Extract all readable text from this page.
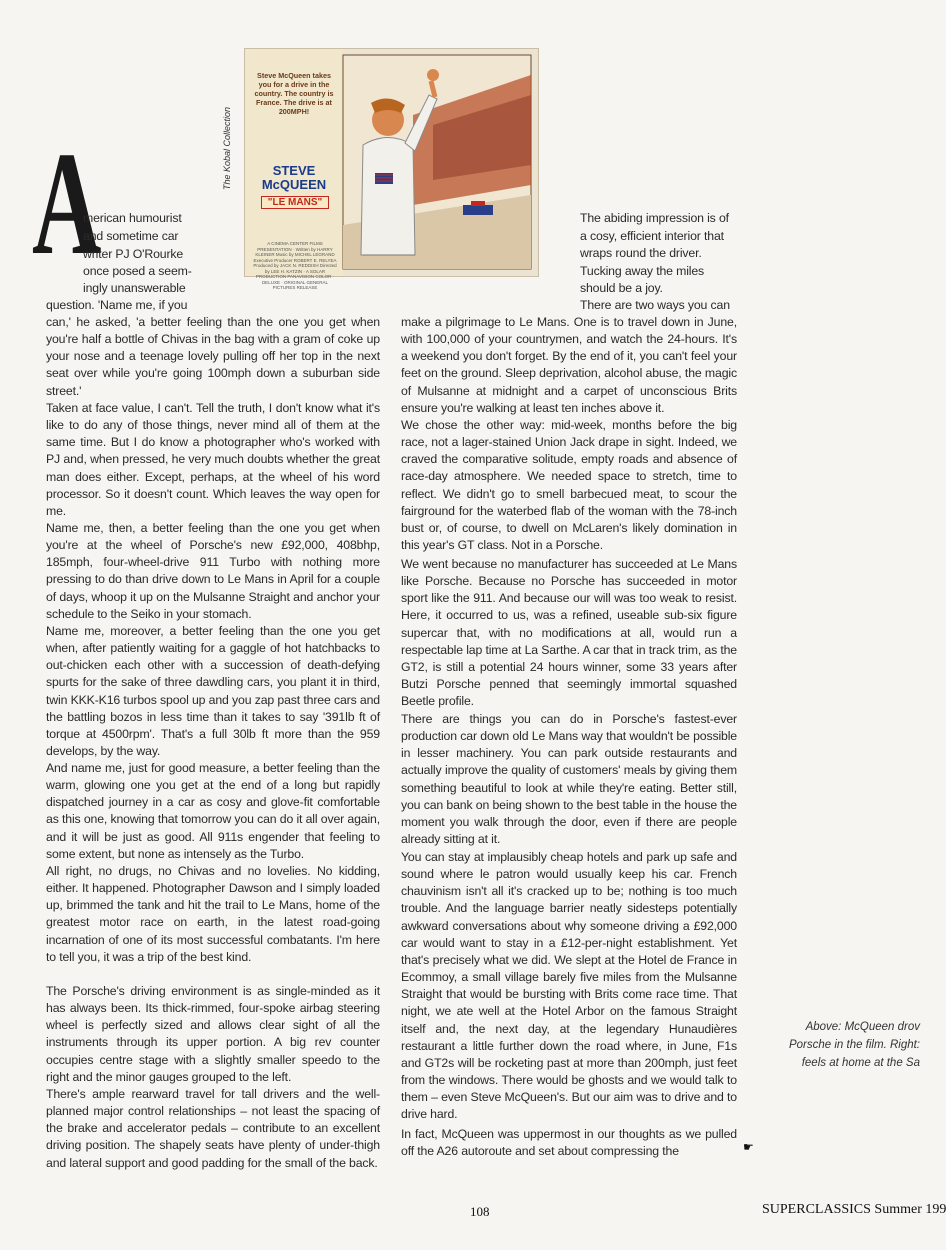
A
Steve McQueen takes you for a drive in the country. The country is France. The drive is at 200MPH!
STEVE McQUEEN
"LE MANS"
A CINEMA CENTER FILMS PRESENTATION · Written by HARRY KLEINER Music by MICHEL LEGRAND Executive Producer ROBERT E. RELYEA Produced by JACK N. REDDISH Directed by LEE H. KATZIN · A SOLAR PRODUCTION PANAVISION COLOR · DELUXE · ORIGINAL GENERAL PICTURES RELEASE
The Kobal Collection

merican humourist

and sometime car

writer PJ O'Rourke

once posed a seem-

ingly unanswerable

question. 'Name me, if you

can,' he asked, 'a better feeling than the one you get when you're half a bottle of Chivas in the bag with a gram of coke up your nose and a teenage lovely pulling off her top in the next seat over while you're going 100mph down a suburban side street.'

Taken at face value, I can't. Tell the truth, I don't know what it's like to do any of those things, never mind all of them at the same time. But I do know a photographer who's worked with PJ and, when pressed, he very much doubts whether the great man does either. Except, perhaps, at the wheel of his word processor. So it doesn't count. Which leaves the way open for me.

Name me, then, a better feeling than the one you get when you're at the wheel of Porsche's new £92,000, 408bhp, 185mph, four-wheel-drive 911 Turbo with nothing more pressing to do than drive down to Le Mans in April for a couple of days, whoop it up on the Mulsanne Straight and anchor your schedule to the Seiko in your stomach.

Name me, moreover, a better feeling than the one you get when, after patiently waiting for a gaggle of hot hatchbacks to out-chicken each other with a succession of death-defying spurts for the sake of three dawdling cars, you plant it in third, twin KKK-K16 turbos spool up and you zap past three cars and the battling bozos in less time than it takes to say '391lb ft of torque at 4500rpm'. That's a full 30lb ft more than the 959 develops, by the way.

And name me, just for good measure, a better feeling than the warm, glowing one you get at the end of a long but rapidly dispatched journey in a car as cosy and glove-fit comfortable as this one, knowing that tomorrow you can do it all over again, and it will be just as good. All 911s engender that feeling to some extent, but none as intensely as the Turbo.

All right, no drugs, no Chivas and no lovelies. No kidding, either. It happened. Photographer Dawson and I simply loaded up, brimmed the tank and hit the trail to Le Mans, home of the greatest motor race on earth, in the latest road-going incarnation of one of its most successful combatants. I'm here to tell you, it was a trip of the best kind.

The Porsche's driving environment is as single-minded as it has always been. Its thick-rimmed, four-spoke airbag steering wheel is perfectly sized and allows clear sight of all the instruments through its upper portion. A big rev counter occupies centre stage with a slightly smaller speedo to the right and the minor gauges grouped to the left.

There's ample rearward travel for tall drivers and the well-planned major control relationships – not least the spacing of the brake and accelerator pedals – contribute to an excellent driving position. The shapely seats have plenty of under-thigh and lateral support and good padding for the small of the back.

The abiding impression is of

a cosy, efficient interior that

wraps round the driver.

Tucking away the miles

should be a joy.

There are two ways you can

make a pilgrimage to Le Mans. One is to travel down in June, with 100,000 of your countrymen, and watch the 24-hours. It's a weekend you don't forget. By the end of it, you can't feel your feet on the ground. Sleep deprivation, alcohol abuse, the magic of Mulsanne at midnight and a carpet of unconscious Brits ensure you're walking at least ten inches above it.

We chose the other way: mid-week, months before the big race, not a lager-stained Union Jack drape in sight. Indeed, we craved the comparative solitude, empty roads and absence of race-day atmosphere. We needed space to stretch, time to reflect. We didn't go to smell barbecued meat, to scour the fairground for the waterbed flab of the woman with the 78-inch bust or, of course, to dwell on McLaren's likely domination in this year's GT class. Not in a Porsche.

We went because no manufacturer has succeeded at Le Mans like Porsche. Because no Porsche has succeeded in motor sport like the 911. And because our will was too weak to resist. Here, it occurred to us, was a refined, useable sub-six figure supercar that, with no modifications at all, would run a respectable lap time at La Sarthe. A car that in track trim, as the GT2, is still a potential 24 hours winner, some 33 years after Butzi Porsche penned that seemingly immortal squashed Beetle profile.

There are things you can do in Porsche's fastest-ever production car down old Le Mans way that wouldn't be possible in lesser machinery. You can park outside restaurants and actually improve the quality of customers' meals by giving them something beautiful to look at while they're eating. Better still, you can bank on being shown to the best table in the house the moment you walk through the door, even if there are people already sitting at it.

You can stay at implausibly cheap hotels and park up safe and sound where le patron would usually keep his car. French chauvinism isn't all it's cracked up to be; nothing is too much trouble. And the language barrier neatly sidesteps potentially awkward conversations about why someone driving a £92,000 car would want to stay in a £12-per-night establishment. Yet that's precisely what we did. We slept at the Hotel de France in Ecommoy, a small village barely five miles from the Mulsanne Straight that would be bursting with Brits come race time. That night, we ate well at the Hotel Arbor on the famous Straight itself and, the next day, at the legendary Hunaudières restaurant a little further down the road where, in June, F1s and GT2s will be rocketing past at more than 200mph, just feet from the windows. There would be ghosts and we would talk to them – even Steve McQueen's. But our aim was to drive and to drive hard.

In fact, McQueen was uppermost in our thoughts as we pulled off the A26 autoroute and set about compressing the	☛
Above: McQueen drov
Porsche in the film. Right:
feels at home at the Sa
108	SUPERCLASSICS Summer 199
